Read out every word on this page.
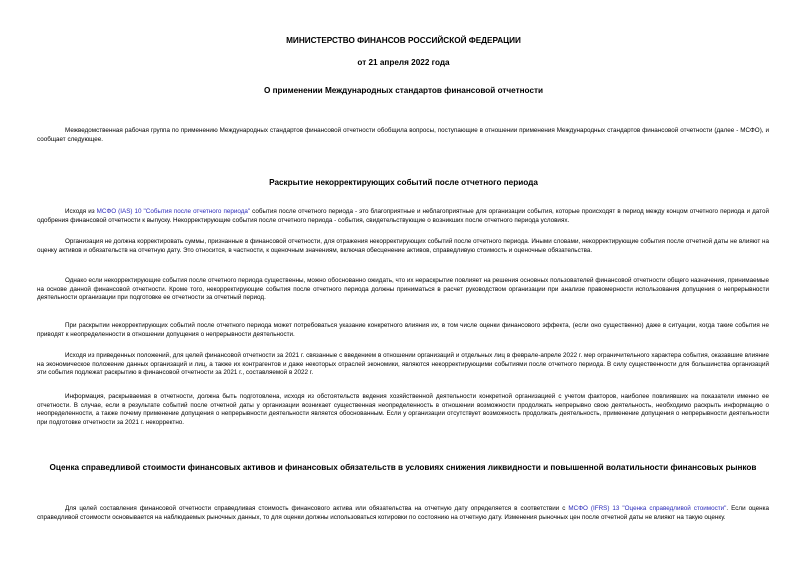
МИНИСТЕРСТВО ФИНАНСОВ РОССИЙСКОЙ ФЕДЕРАЦИИ
от 21 апреля 2022 года
О применении Международных стандартов финансовой отчетности
Межведомственная рабочая группа по применению Международных стандартов финансовой отчетности обобщила вопросы, поступающие в отношении применения Международных стандартов финансовой отчетности (далее - МСФО), и сообщает следующее.
Раскрытие некорректирующих событий после отчетного периода
Исходя из МСФО (IAS) 10 "События после отчетного периода" события после отчетного периода - это благоприятные и неблагоприятные для организации события, которые происходят в период между концом отчетного периода и датой одобрения финансовой отчетности к выпуску. Некорректирующие события после отчетного периода - события, свидетельствующие о возникших после отчетного периода условиях.
Организация не должна корректировать суммы, признанные в финансовой отчетности, для отражения некорректирующих событий после отчетного периода. Иными словами, некорректирующие события после отчетной даты не влияют на оценку активов и обязательств на отчетную дату. Это относится, в частности, к оценочным значениям, включая обесценение активов, справедливую стоимость и оценочные обязательства.
Однако если некорректирующие события после отчетного периода существенны, можно обоснованно ожидать, что их нераскрытие повлияет на решения основных пользователей финансовой отчетности общего назначения, принимаемые на основе данной финансовой отчетности. Кроме того, некорректирующие события после отчетного периода должны приниматься в расчет руководством организации при анализе правомерности использования допущения о непрерывности деятельности организации при подготовке ее отчетности за отчетный период.
При раскрытии некорректирующих событий после отчетного периода может потребоваться указание конкретного влияния их, в том числе оценки финансового эффекта, (если оно существенно) даже в ситуации, когда такие события не приводят к неопределенности в отношении допущения о непрерывности деятельности.
Исходя из приведенных положений, для целей финансовой отчетности за 2021 г. связанные с введением в отношении организаций и отдельных лиц в феврале-апреле 2022 г. мер ограничительного характера события, оказавшие влияние на экономическое положение данных организаций и лиц, а также их контрагентов и даже некоторых отраслей экономики, являются некорректирующими событиями после отчетного периода. В силу существенности для большинства организаций эти события подлежат раскрытию в финансовой отчетности за 2021 г., составляемой в 2022 г.
Информация, раскрываемая в отчетности, должна быть подготовлена, исходя из обстоятельств ведения хозяйственной деятельности конкретной организацией с учетом факторов, наиболее повлиявших на показатели именно ее отчетности. В случае, если в результате событий после отчетной даты у организации возникает существенная неопределенность в отношении возможности продолжать непрерывно свою деятельность, необходимо раскрыть информацию о неопределенности, а также почему применение допущения о непрерывности деятельности является обоснованным. Если у организации отсутствует возможность продолжать деятельность, применение допущения о непрерывности деятельности при подготовке отчетности за 2021 г. некорректно.
Оценка справедливой стоимости финансовых активов и финансовых обязательств в условиях снижения ликвидности и повышенной волатильности финансовых рынков
Для целей составления финансовой отчетности справедливая стоимость финансового актива или обязательства на отчетную дату определяется в соответствии с МСФО (IFRS) 13 "Оценка справедливой стоимости". Если оценка справедливой стоимости основывается на наблюдаемых рыночных данных, то для оценки должны использоваться котировки по состоянию на отчетную дату. Изменения рыночных цен после отчетной даты не влияют на такую оценку.
